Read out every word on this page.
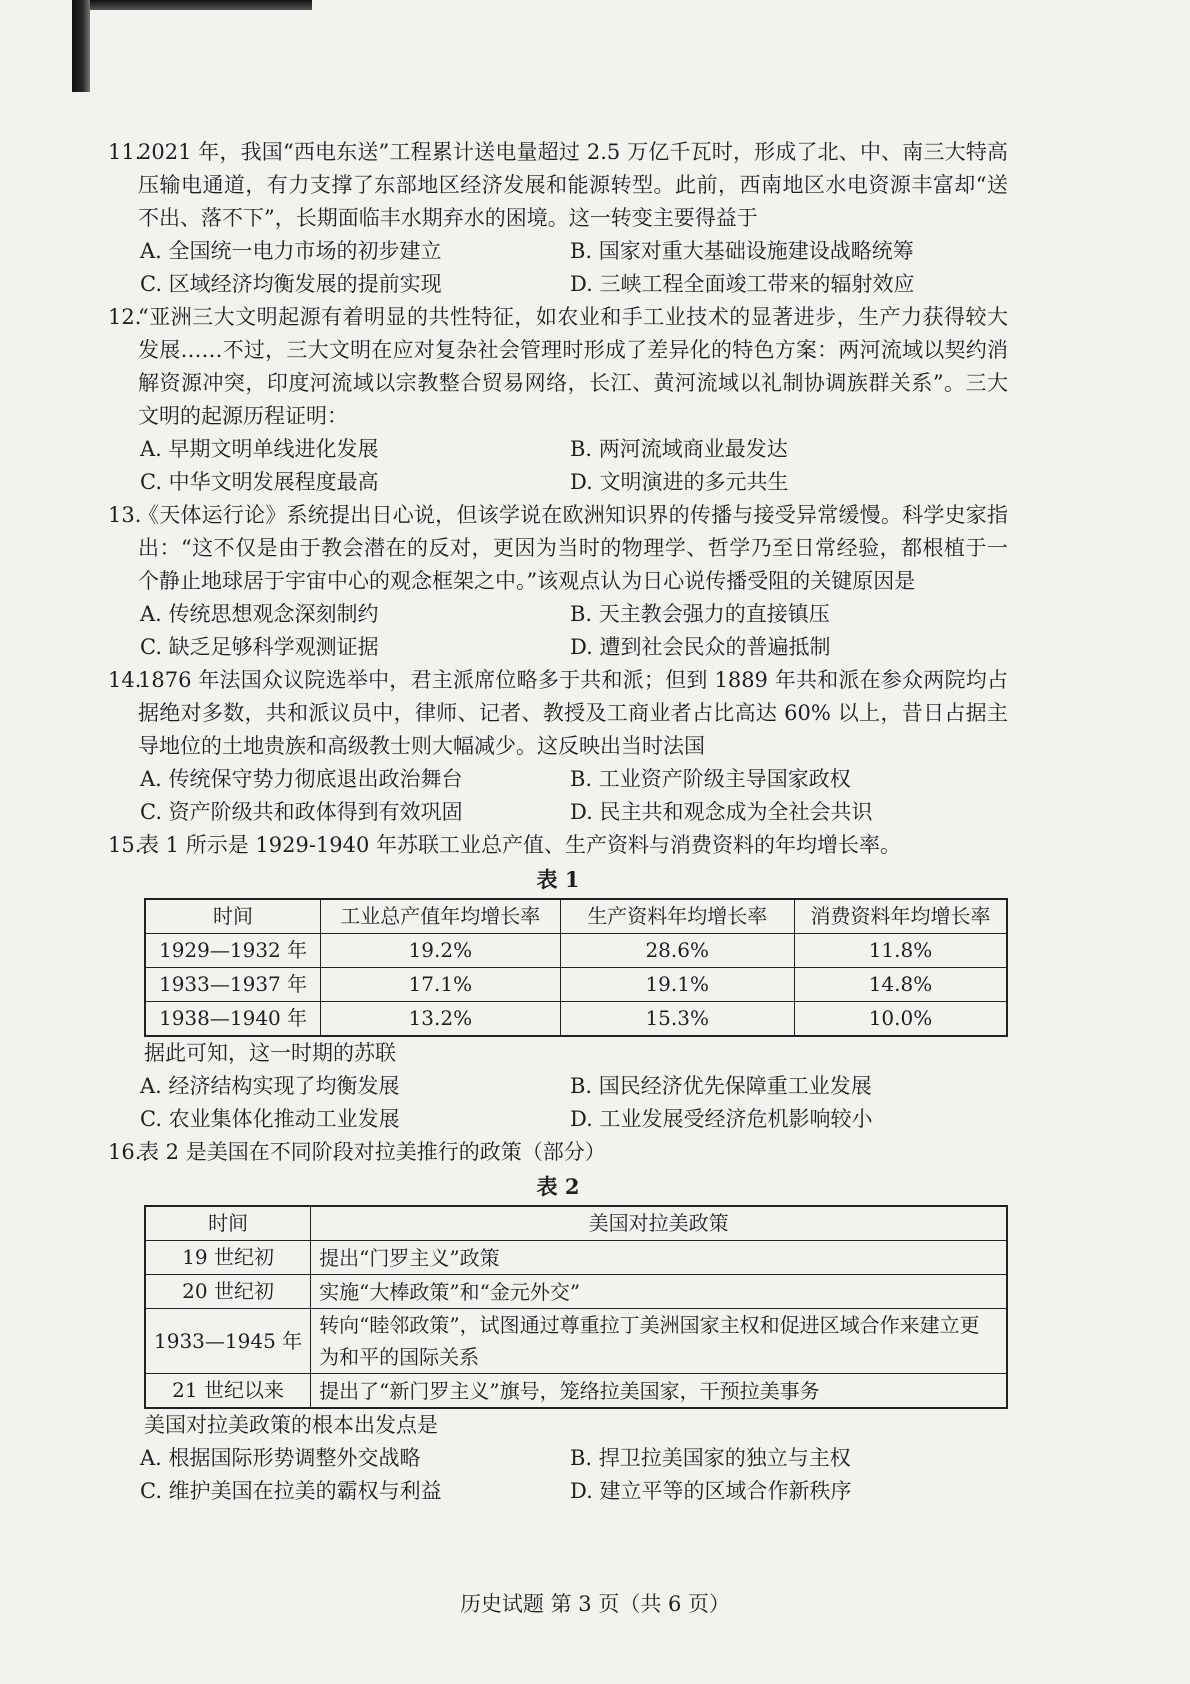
11.
2021 年，我国“西电东送”工程累计送电量超过 2.5 万亿千瓦时，形成了北、中、南三大特高压输电通道，有力支撑了东部地区经济发展和能源转型。此前，西南地区水电资源丰富却“送不出、落不下”，长期面临丰水期弃水的困境。这一转变主要得益于
A. 全国统一电力市场的初步建立	B. 国家对重大基础设施建设战略统筹
C. 区域经济均衡发展的提前实现	D. 三峡工程全面竣工带来的辐射效应
12.
“亚洲三大文明起源有着明显的共性特征，如农业和手工业技术的显著进步，生产力获得较大发展……不过，三大文明在应对复杂社会管理时形成了差异化的特色方案：两河流域以契约消解资源冲突，印度河流域以宗教整合贸易网络，长江、黄河流域以礼制协调族群关系”。三大文明的起源历程证明：
A. 早期文明单线进化发展	B. 两河流域商业最发达
C. 中华文明发展程度最高	D. 文明演进的多元共生
13.
《天体运行论》系统提出日心说，但该学说在欧洲知识界的传播与接受异常缓慢。科学史家指出：“这不仅是由于教会潜在的反对，更因为当时的物理学、哲学乃至日常经验，都根植于一个静止地球居于宇宙中心的观念框架之中。”该观点认为日心说传播受阻的关键原因是
A. 传统思想观念深刻制约	B. 天主教会强力的直接镇压
C. 缺乏足够科学观测证据	D. 遭到社会民众的普遍抵制
14.
1876 年法国众议院选举中，君主派席位略多于共和派；但到 1889 年共和派在参众两院均占据绝对多数，共和派议员中，律师、记者、教授及工商业者占比高达 60% 以上，昔日占据主导地位的土地贵族和高级教士则大幅减少。这反映出当时法国
A. 传统保守势力彻底退出政治舞台	B. 工业资产阶级主导国家政权
C. 资产阶级共和政体得到有效巩固	D. 民主共和观念成为全社会共识
15.
表 1 所示是 1929-1940 年苏联工业总产值、生产资料与消费资料的年均增长率。
表 1
时间	工业总产值年均增长率	生产资料年均增长率	消费资料年均增长率
1929—1932 年	19.2%	28.6%	11.8%
1933—1937 年	17.1%	19.1%	14.8%
1938—1940 年	13.2%	15.3%	10.0%
据此可知，这一时期的苏联
A. 经济结构实现了均衡发展	B. 国民经济优先保障重工业发展
C. 农业集体化推动工业发展	D. 工业发展受经济危机影响较小
16.
表 2 是美国在不同阶段对拉美推行的政策（部分）
表 2
时间	美国对拉美政策
19 世纪初	提出“门罗主义”政策
20 世纪初	实施“大棒政策”和“金元外交”
1933—1945 年	转向“睦邻政策”，试图通过尊重拉丁美洲国家主权和促进区域合作来建立更为和平的国际关系
21 世纪以来	提出了“新门罗主义”旗号，笼络拉美国家，干预拉美事务
美国对拉美政策的根本出发点是
A. 根据国际形势调整外交战略	B. 捍卫拉美国家的独立与主权
C. 维护美国在拉美的霸权与利益	D. 建立平等的区域合作新秩序
历史试题 第 3 页（共 6 页）
